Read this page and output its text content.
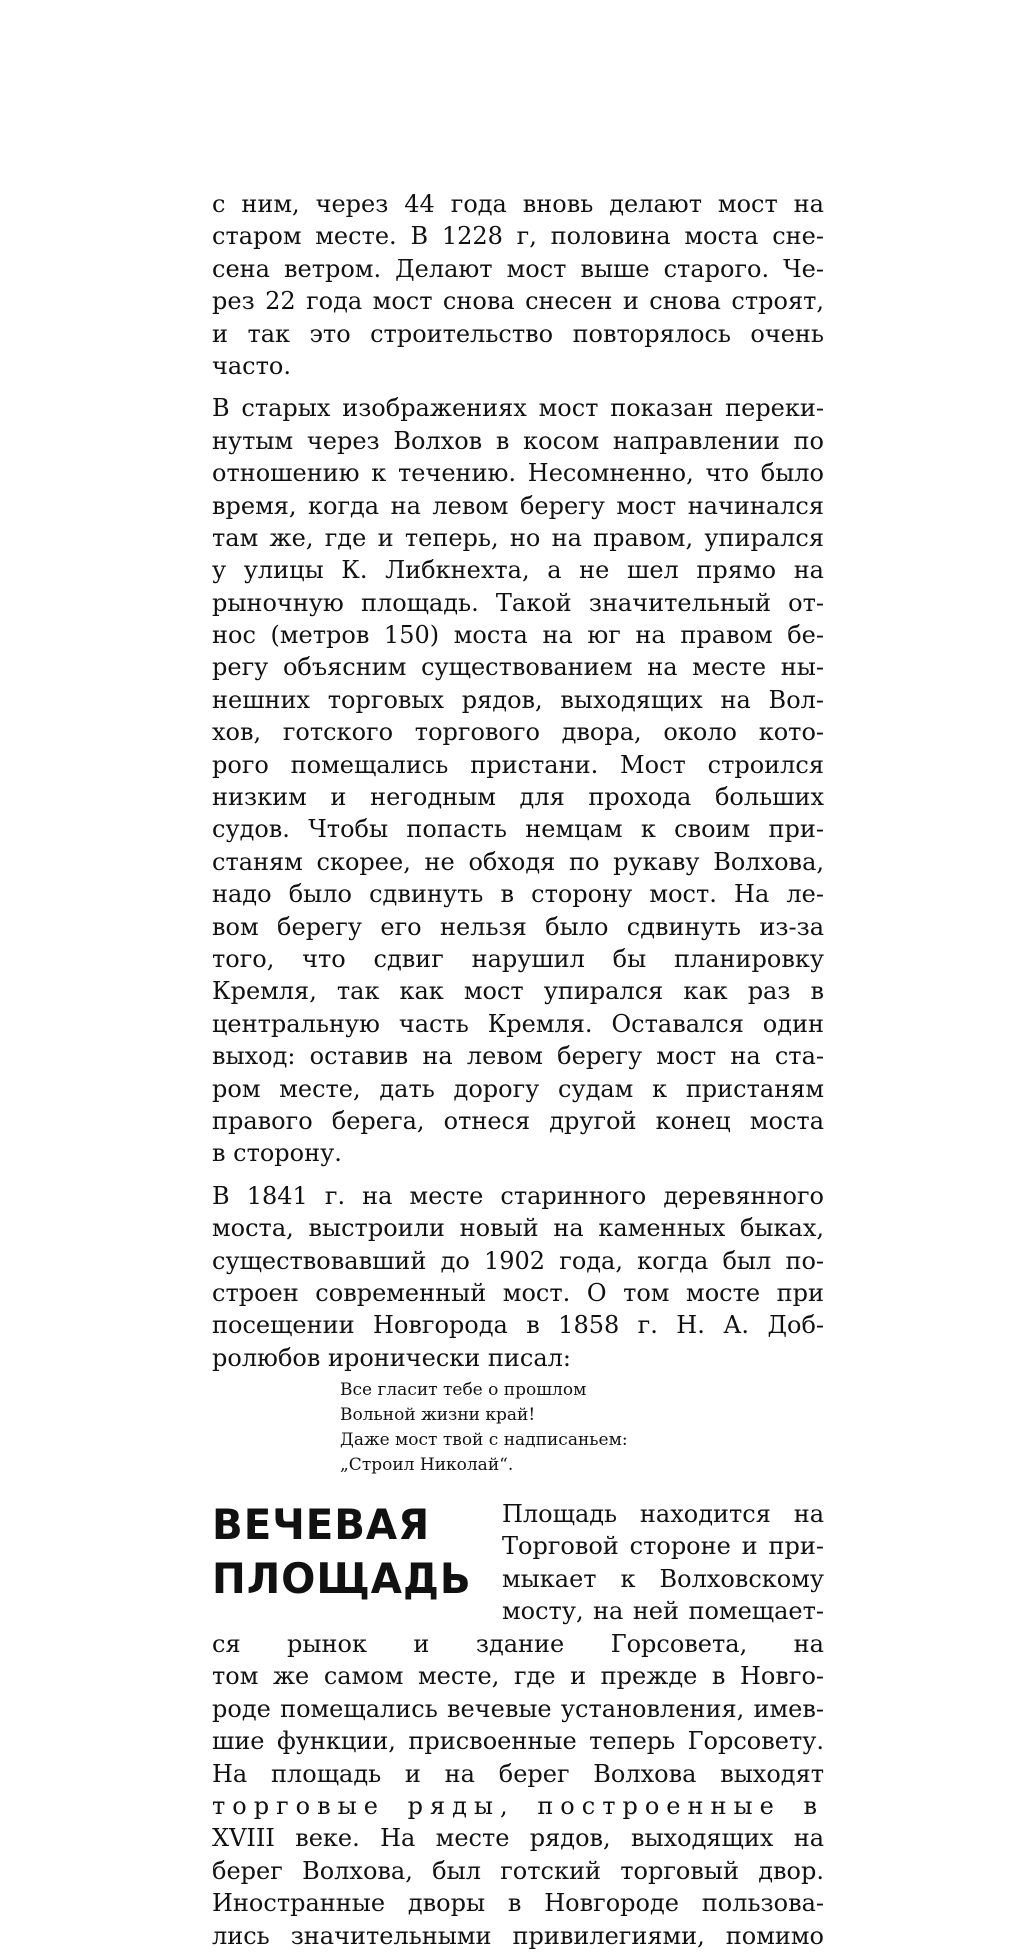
с ним, через 44 года вновь делают мост на
старом месте. В 1228 г, половина моста сне-
сена ветром. Делают мост выше старого. Че-
рез 22 года мост снова снесен и снова строят,
и так это строительство повторялось очень
часто.
В старых изображениях мост показан переки-
нутым через Волхов в косом направлении по
отношению к течению. Несомненно, что было
время, когда на левом берегу мост начинался
там же, где и теперь, но на правом, упирался
у улицы К. Либкнехта, а не шел прямо на
рыночную площадь. Такой значительный от-
нос (метров 150) моста на юг на правом бе-
регу объясним существованием на месте ны-
нешних торговых рядов, выходящих на Вол-
хов, готского торгового двора, около кото-
рого помещались пристани. Мост строился
низким и негодным для прохода больших
судов. Чтобы попасть немцам к своим при-
станям скорее, не обходя по рукаву Волхова,
надо было сдвинуть в сторону мост. На ле-
вом берегу его нельзя было сдвинуть из-за
того, что сдвиг нарушил бы планировку
Кремля, так как мост упирался как раз в
центральную часть Кремля. Оставался один
выход: оставив на левом берегу мост на ста-
ром месте, дать дорогу судам к пристаням
правого берега, отнеся другой конец моста
в сторону.
В 1841 г. на месте старинного деревянного
моста, выстроили новый на каменных быках,
существовавший до 1902 года, когда был по-
строен современный мост. О том мосте при
посещении Новгорода в 1858 г. Н. А. Доб-
ролюбов иронически писал:
Все гласит тебе о прошлом
Вольной жизни край!
Даже мост твой с надписаньем:
„Строил Николай“.
ВЕЧЕВАЯ
ПЛОЩАДЬ
Площадь находится на
Торговой стороне и при-
мыкает к Волховскому
мосту, на ней помещает-
ся рынок и здание Горсовета, на
том же самом месте, где и прежде в Новго-
роде помещались вечевые установления, имев-
шие функции, присвоенные теперь Горсовету.
На площадь и на берег Волхова выходят
торговые ряды, построенные в
XVIII веке. На месте рядов, выходящих на
берег Волхова, был готский торговый двор.
Иностранные дворы в Новгороде пользова-
лись значительными привилегиями, помимо
